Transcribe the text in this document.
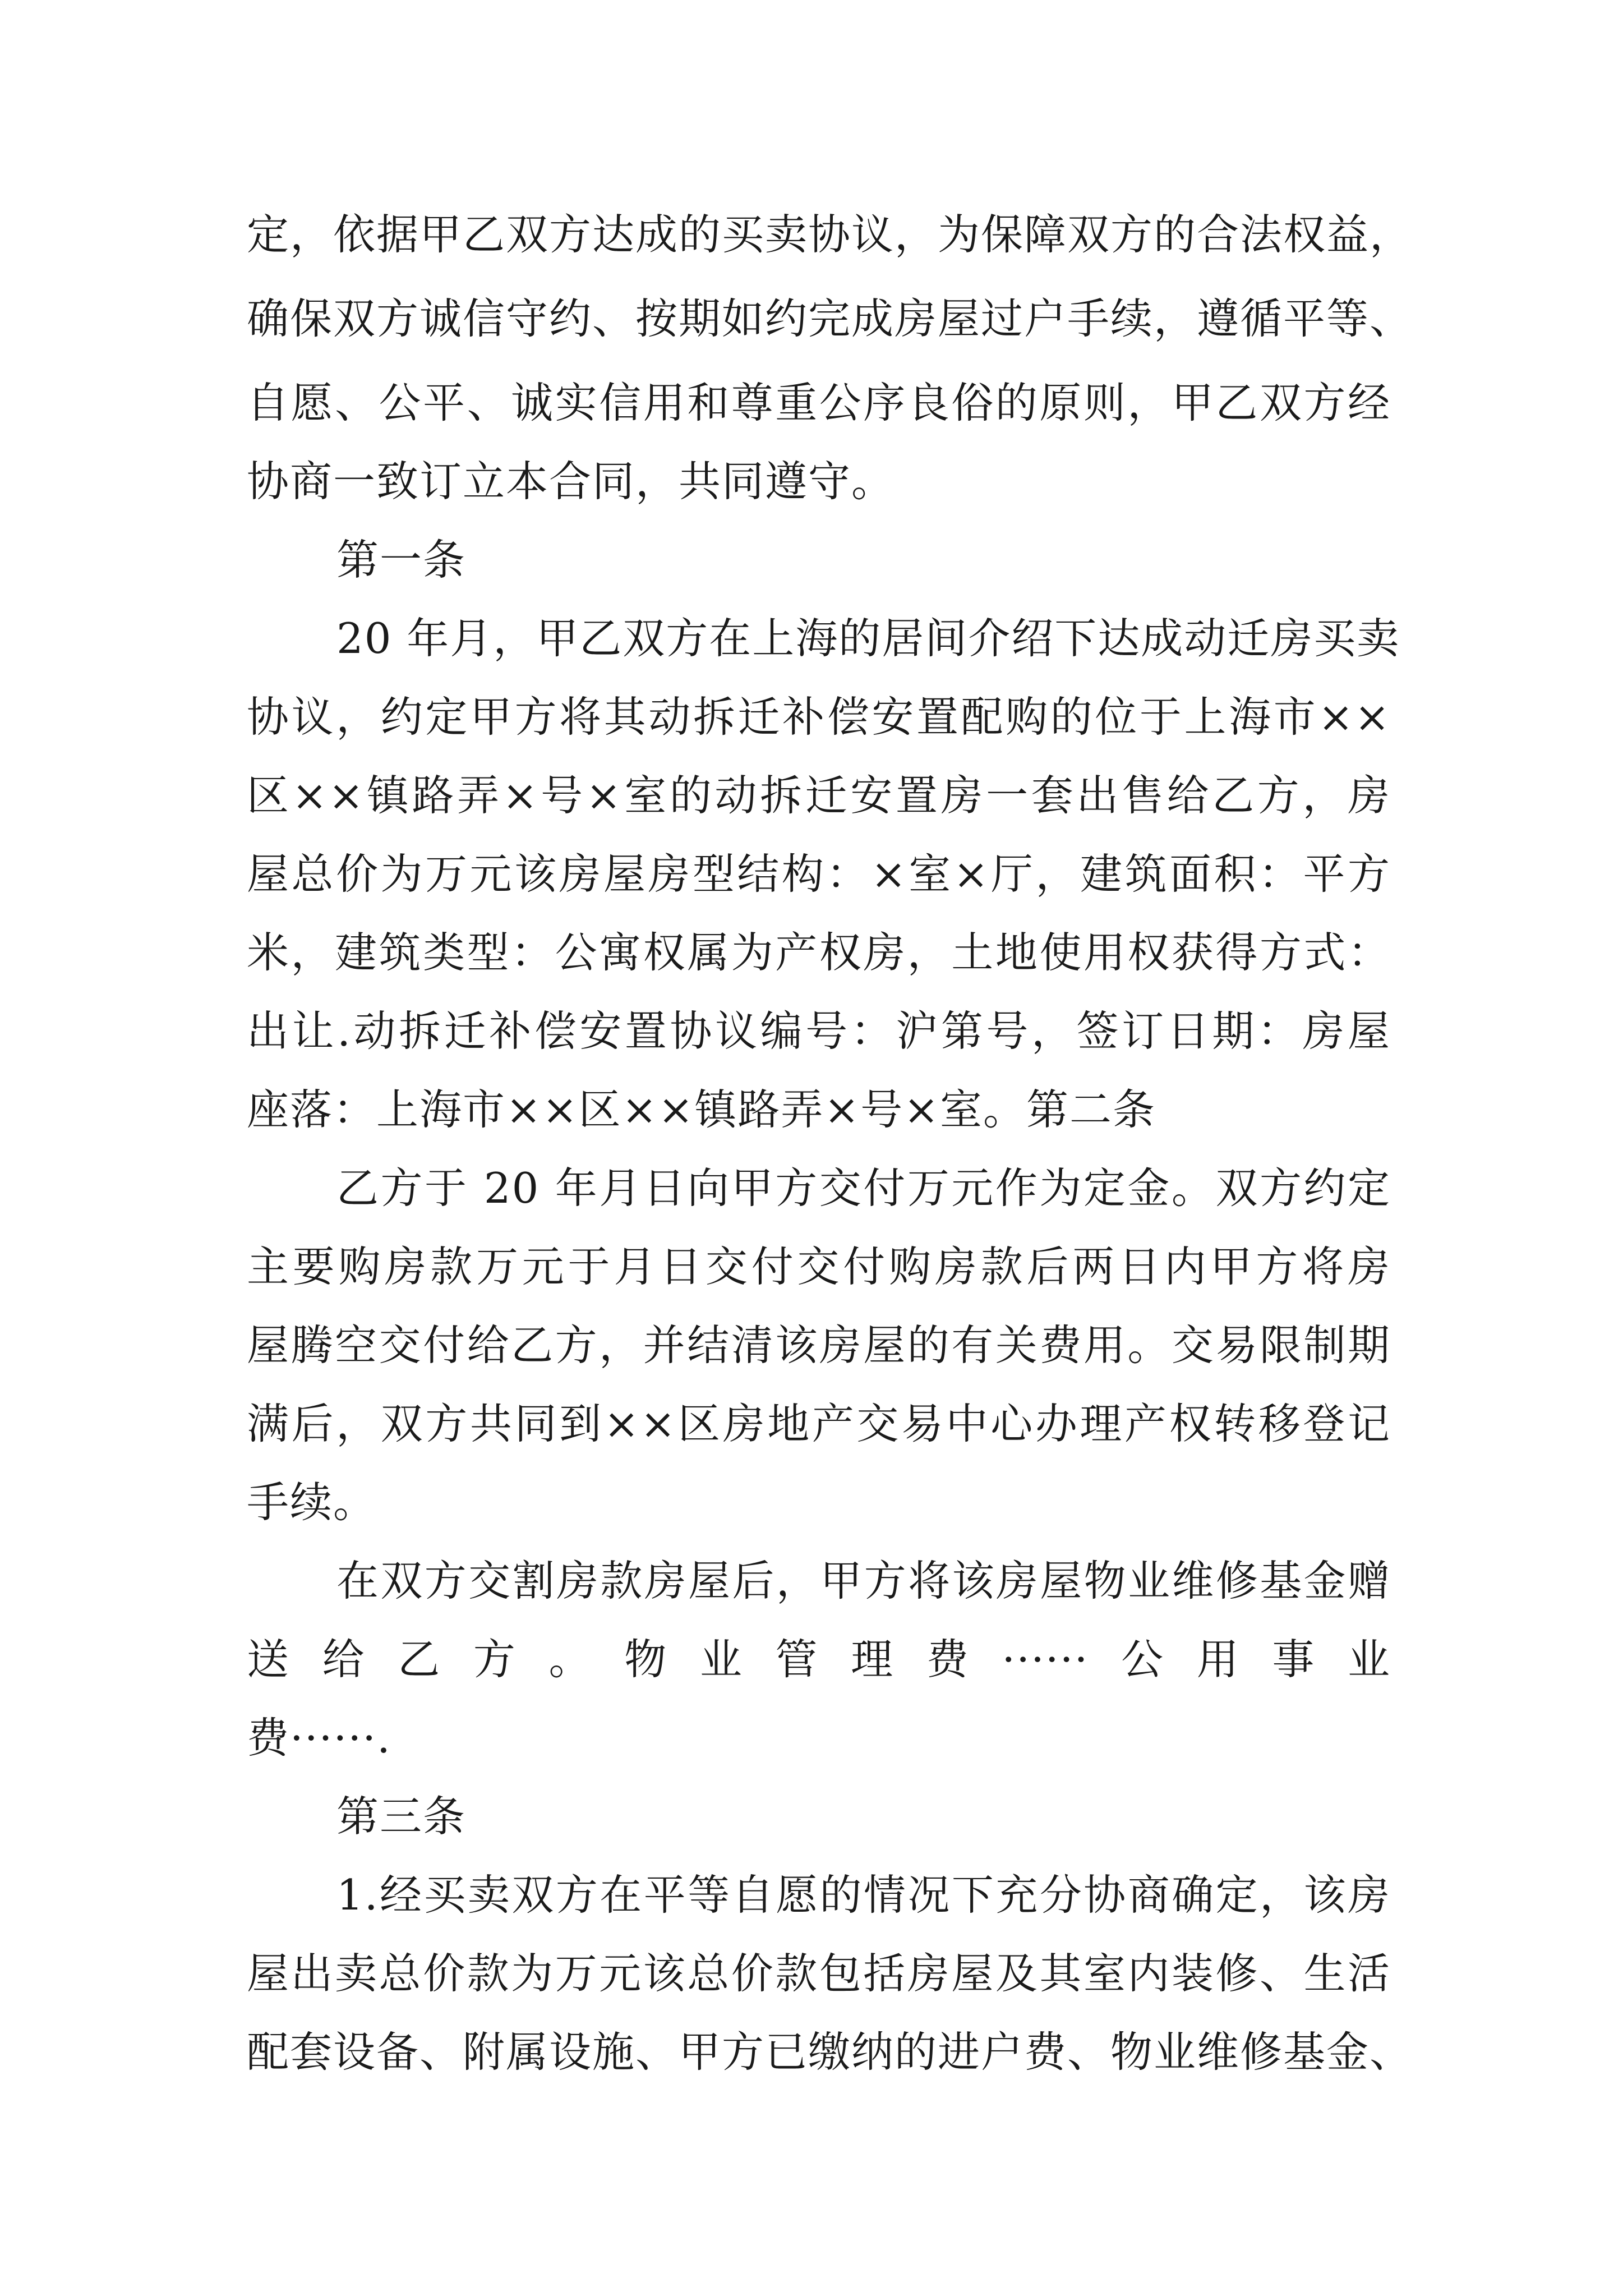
定，依据甲乙双方达成的买卖协议，为保障双方的合法权益，
确保双方诚信守约、按期如约完成房屋过户手续，遵循平等、
自愿、公平、诚实信用和尊重公序良俗的原则，甲乙双方经
协商一致订立本合同，共同遵守。
第一条
20 年月，甲乙双方在上海的居间介绍下达成动迁房买卖
协议，约定甲方将其动拆迁补偿安置配购的位于上海市××
区××镇路弄×号×室的动拆迁安置房一套出售给乙方，房
屋总价为万元该房屋房型结构：×室×厅，建筑面积：平方
米，建筑类型：公寓权属为产权房，土地使用权获得方式：
出让.动拆迁补偿安置协议编号：沪第号，签订日期：房屋
座落：上海市××区××镇路弄×号×室。第二条
乙方于 20 年月日向甲方交付万元作为定金。双方约定
主要购房款万元于月日交付交付购房款后两日内甲方将房
屋腾空交付给乙方，并结清该房屋的有关费用。交易限制期
满后，双方共同到××区房地产交易中心办理产权转移登记
手续。
在双方交割房款房屋后，甲方将该房屋物业维修基金赠
送给乙方。物业管理费······公用事业
费······.
第三条
1.经买卖双方在平等自愿的情况下充分协商确定，该房
屋出卖总价款为万元该总价款包括房屋及其室内装修、生活
配套设备、附属设施、甲方已缴纳的进户费、物业维修基金、
